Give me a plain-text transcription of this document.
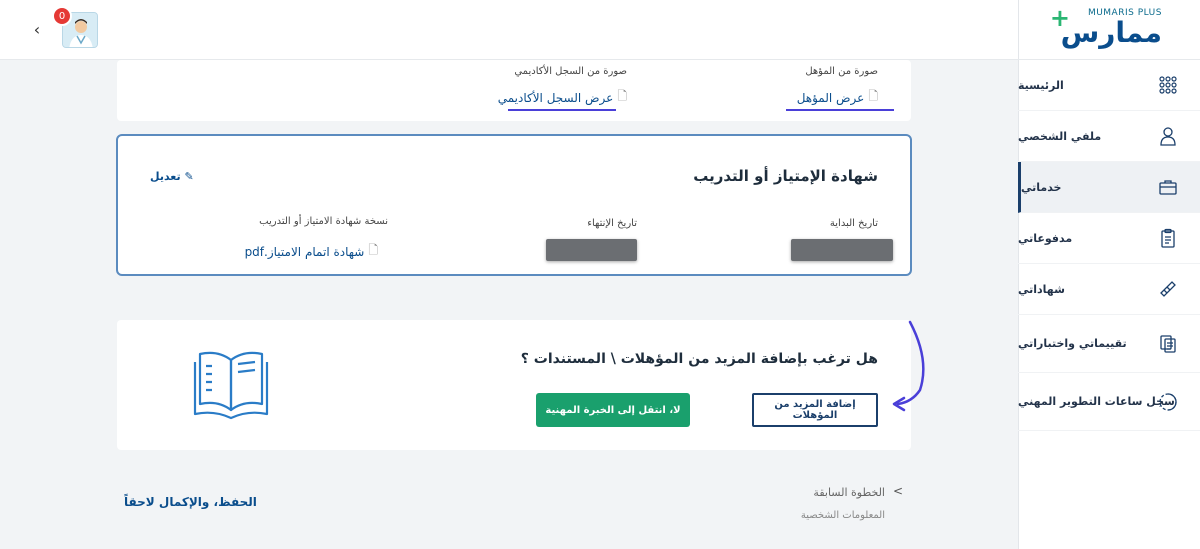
‹
0	+ MUMARIS PLUS
ممارس
الرئيسية
ملفي الشخصي
خدماتي
مدفوعاتي
شهاداتي
تقييماتي واختباراتي
سجل ساعات التطوير المهني
صورة من المؤهل
🗋
عرض المؤهل
صورة من السجل الأكاديمي
🗋
عرض السجل الأكاديمي
شهادة الإمتياز أو التدريب
✎ تعديل
تاريخ البداية
تاريخ الإنتهاء
نسخة شهادة الامتياز أو التدريب
🗋
شهادة اتمام الامتياز.pdf
هل ترغب بإضافة المزيد من المؤهلات \ المستندات ؟
إضافة المزيد من المؤهلات
لا، انتقل إلى الخبرة المهنية
<
الخطوة السابقة
المعلومات الشخصية
الحفظ، والإكمال لاحقاً
